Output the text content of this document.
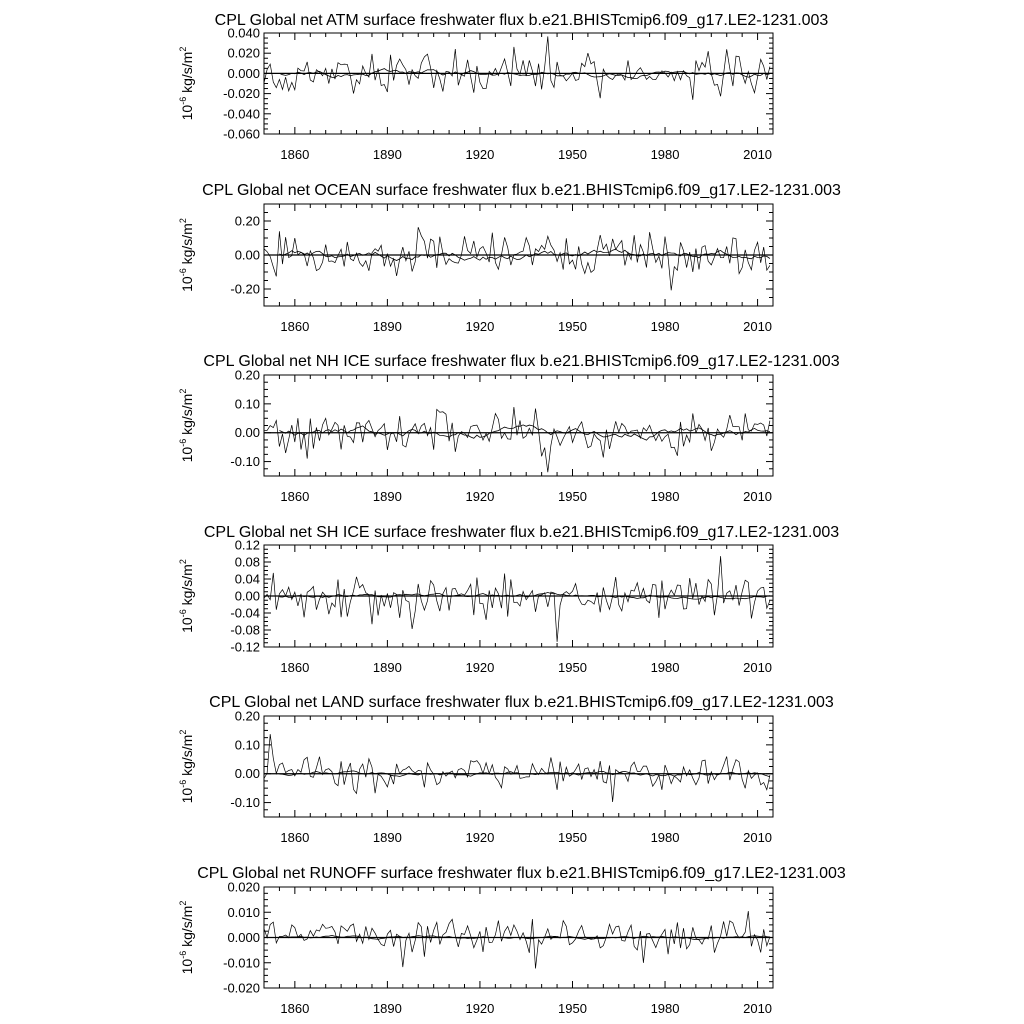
CPL Global net ATM surface freshwater flux b.e21.BHISTcmip6.f09_g17.LE2-1231.003
0.040
0.020
0.000
-0.020
-0.040
-0.060
1860	1890	1920	1950	1980	2010
$10^{-6}$ $kg/s/m^2$
CPL Global net OCEAN surface freshwater flux b.e21.BHISTcmip6.f09_g17.LE2-1231.003
0.20
0.00
-0.20
1860	1890	1920	1950	1980	2010
$10^{-6}$ $kg/s/m^2$
CPL Global net NH ICE surface freshwater flux b.e21.BHISTcmip6.f09_g17.LE2-1231.003
0.20
0.10
0.00
-0.10
1860	1890	1920	1950	1980	2010
$10^{-6}$ $kg/s/m^2$
CPL Global net SH ICE surface freshwater flux b.e21.BHISTcmip6.f09_g17.LE2-1231.003
0.12
0.08
0.04
0.00
-0.04
-0.08
-0.12
1860	1890	1920	1950	1980	2010
$10^{-6}$ $kg/s/m^2$
CPL Global net LAND surface freshwater flux b.e21.BHISTcmip6.f09_g17.LE2-1231.003
0.20
0.10
0.00
-0.10
1860	1890	1920	1950	1980	2010
$10^{-6}$ $kg/s/m^2$
CPL Global net RUNOFF surface freshwater flux b.e21.BHISTcmip6.f09_g17.LE2-1231.003
0.020
0.010
0.000
-0.010
-0.020
1860	1890	1920	1950	1980	2010
$10^{-6}$ $kg/s/m^2$
